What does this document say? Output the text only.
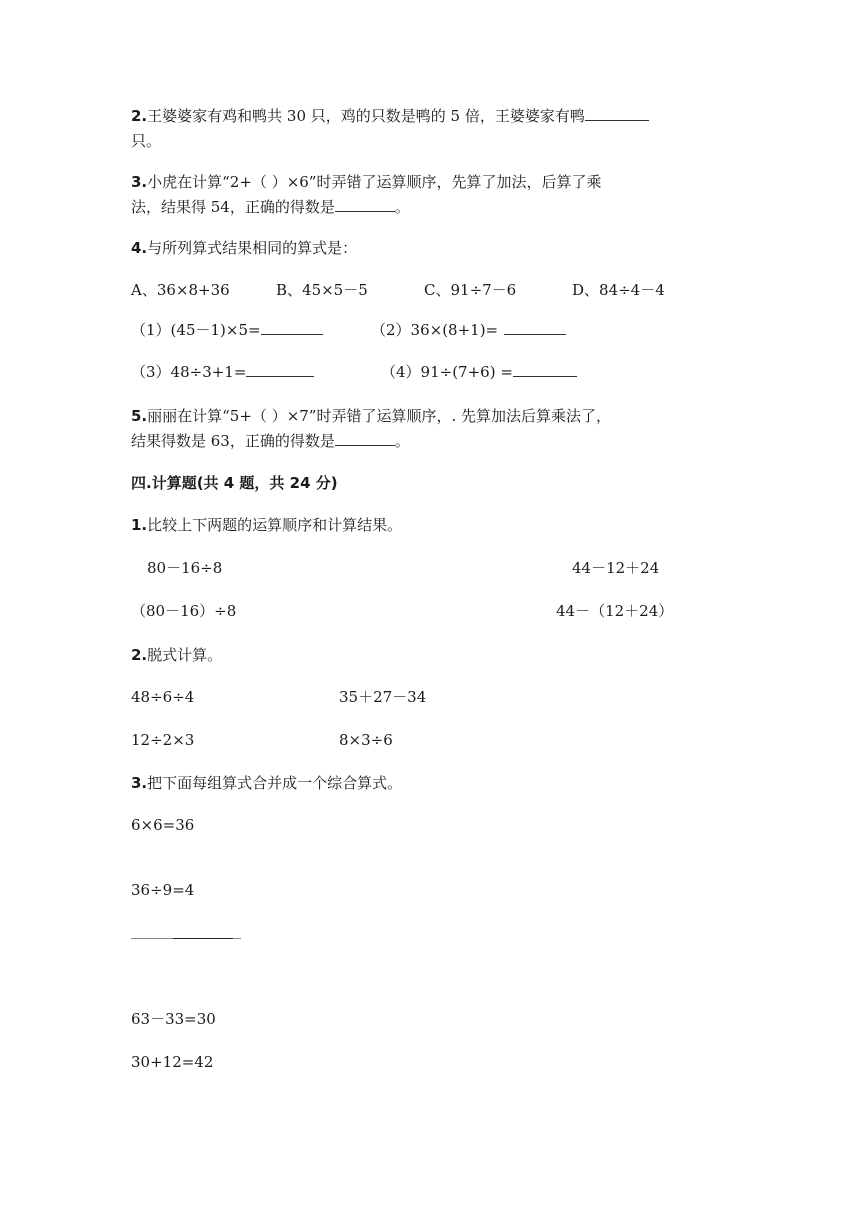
2.王婆婆家有鸡和鸭共 30 只，鸡的只数是鸭的 5 倍，王婆婆家有鸭
只。
3.小虎在计算“2+（ ）×6”时弄错了运算顺序，先算了加法，后算了乘
法，结果得 54，正确的得数是	。
4.与所列算式结果相同的算式是：
A、36×8+36	B、45×5－5	C、91÷7－6	D、84÷4－4
（1）(45－1)×5=	（2）36×(8+1)=
（3）48÷3+1=	（4）91÷(7+6) =
5.丽丽在计算“5+（ ）×7”时弄错了运算顺序，. 先算加法后算乘法了，
结果得数是 63，正确的得数是	。
四.计算题(共 4 题，共 24 分)
1.比较上下两题的运算顺序和计算结果。
80－16÷8	44－12＋24
（80－16）÷8	44－（12＋24）
2.脱式计算。
48÷6÷4	35＋27－34
12÷2×3	8×3÷6
3.把下面每组算式合并成一个综合算式。
6×6=36
36÷9=4
63－33=30
30+12=42
